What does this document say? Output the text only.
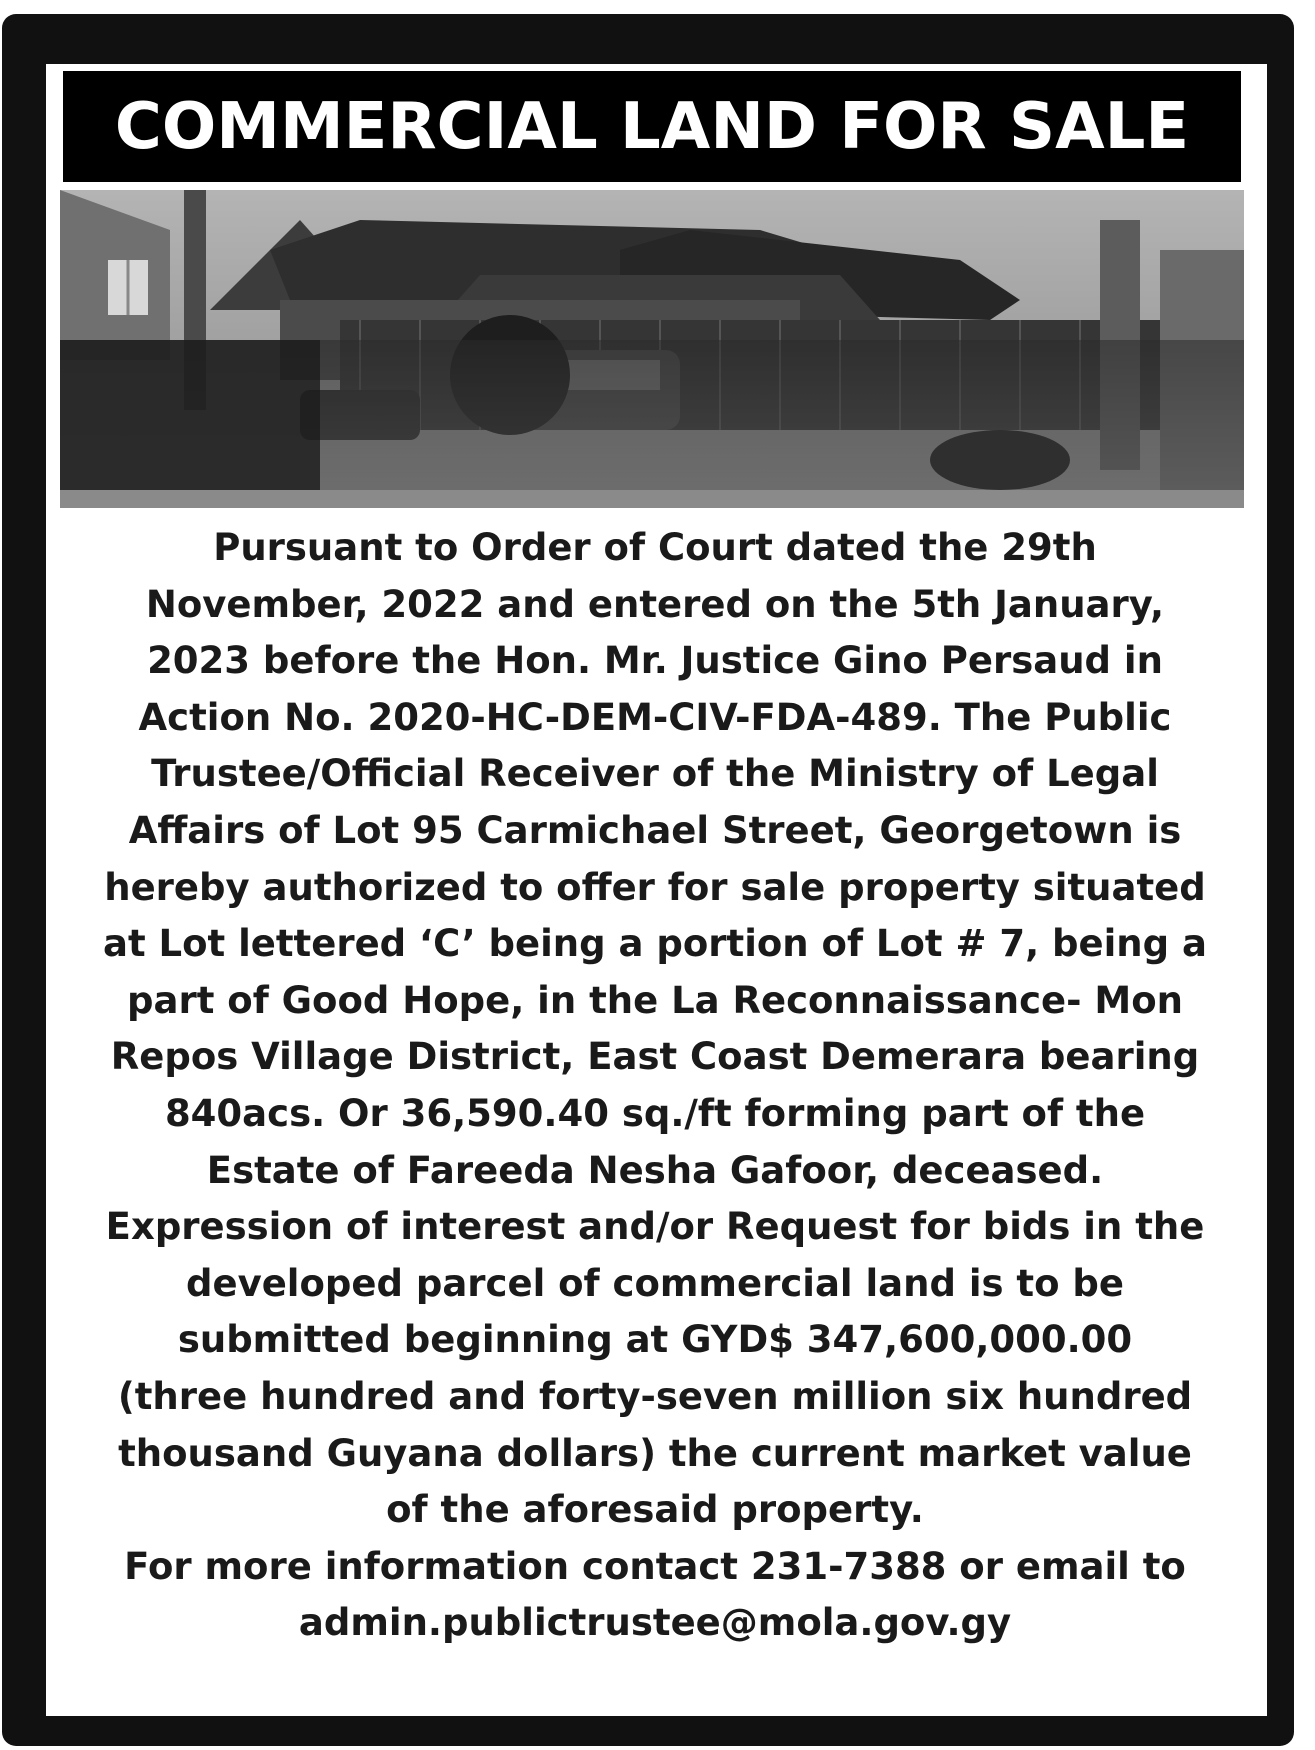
COMMERCIAL LAND FOR SALE
Pursuant to Order of Court dated the 29th
November, 2022 and entered on the 5th January,
2023 before the Hon. Mr. Justice Gino Persaud in
Action No. 2020-HC-DEM-CIV-FDA-489. The Public
Trustee/Official Receiver of the Ministry of Legal
Affairs of Lot 95 Carmichael Street, Georgetown is
hereby authorized to offer for sale property situated
at Lot lettered ‘C’ being a portion of Lot # 7, being a
part of Good Hope, in the La Reconnaissance- Mon
Repos Village District, East Coast Demerara bearing
840acs. Or 36,590.40 sq./ft forming part of the
Estate of Fareeda Nesha Gafoor, deceased.
Expression of interest and/or Request for bids in the
developed parcel of commercial land is to be
submitted beginning at GYD$ 347,600,000.00
(three hundred and forty-seven million six hundred
thousand Guyana dollars) the current market value
of the aforesaid property.
For more information contact 231-7388 or email to
admin.publictrustee@mola.gov.gy
